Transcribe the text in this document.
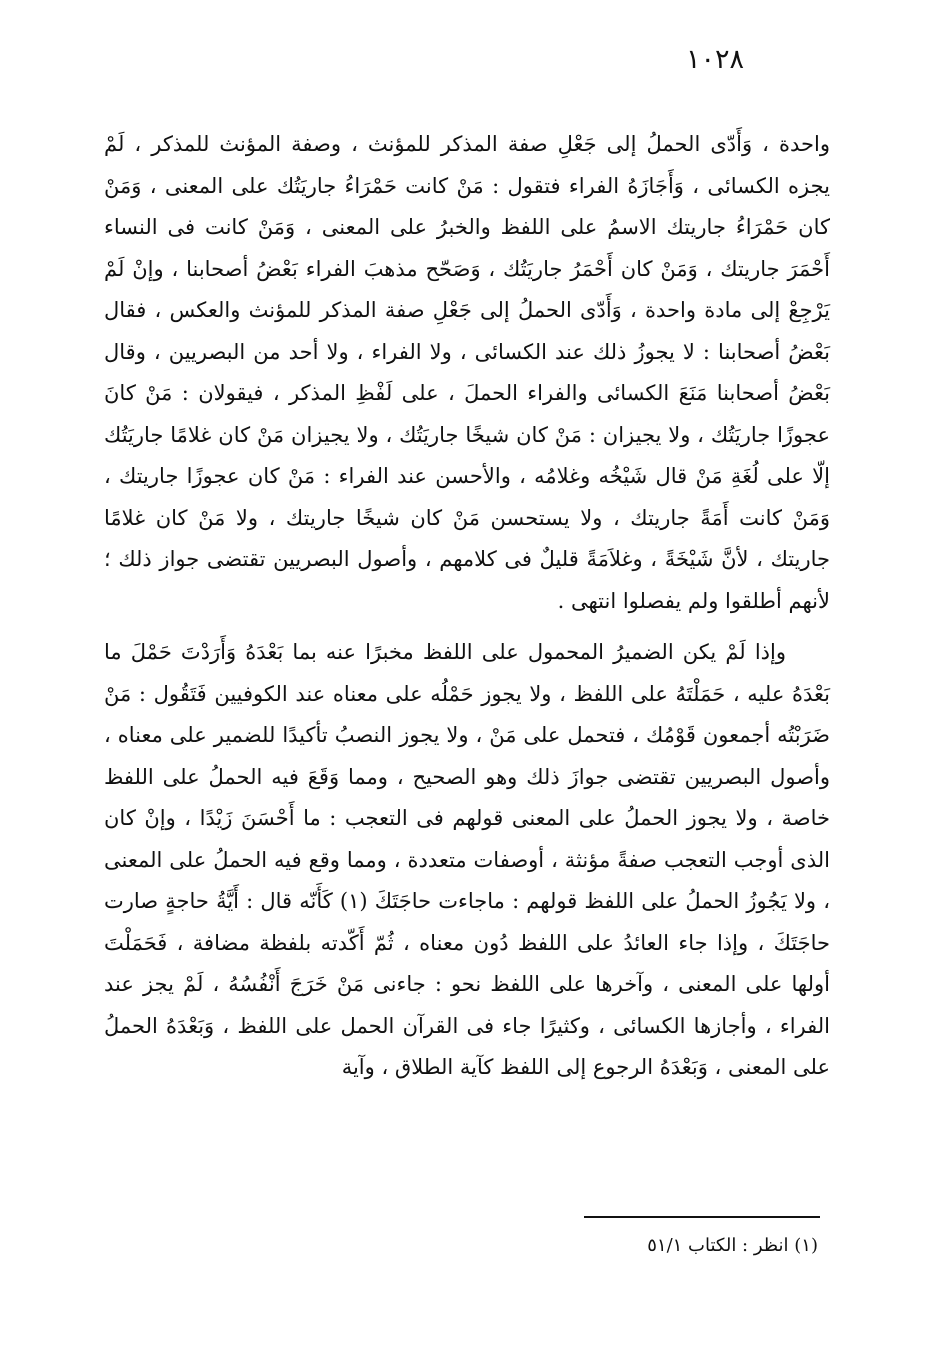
١٠٢٨

واحدة ، وَأَدّى الحملُ إلى جَعْلِ صفة المذكر للمؤنث ، وصفة المؤنث للمذكر ، لَمْ يجزه الكسائى ، وَأَجَازَهُ الفراء فتقول : مَنْ كانت حَمْرَاءُ جاريَتُك على المعنى ، وَمَنْ كان حَمْرَاءُ جاريتك الاسمُ على اللفظ والخبرُ على المعنى ، وَمَنْ كانت فى النساء أَحْمَرَ جاريتك ، وَمَنْ كان أَحْمَرُ جاريَتُك ، وَصَحّح مذهبَ الفراء بَعْضُ أصحابنا ، وإنْ لَمْ يَرْجِعْ إلى مادة واحدة ، وَأَدّى الحملُ إلى جَعْلِ صفة المذكر للمؤنث والعكس ، فقال بَعْضُ أصحابنا : لا يجوزُ ذلك عند الكسائى ، ولا الفراء ، ولا أحد من البصريين ، وقال بَعْضُ أصحابنا مَنَعَ الكسائى والفراء الحملَ ، على لَفْظِ المذكر ، فيقولان : مَنْ كانَ عجوزًا جاريَتُك ، ولا يجيزان : مَنْ كان شيخًا جاريَتُك ، ولا يجيزان مَنْ كان غلامًا جاريَتُك إلّا على لُغَةِ مَنْ قال شَيْخُه وغلامُه ، والأحسن عند الفراء : مَنْ كان عجوزًا جاريتك ، وَمَنْ كانت أَمَةً جاريتك ، ولا يستحسن مَنْ كان شيخًا جاريتك ، ولا مَنْ كان غلامًا جاريتك ، لأنَّ شَيْخَةً ، وغلاَمَةً قليلٌ فى كلامهم ، وأصول البصريين تقتضى جواز ذلك ؛ لأنهم أطلقوا ولم يفصلوا انتهى .

وإذا لَمْ يكن الضميرُ المحمول على اللفظ مخبرًا عنه بما بَعْدَهُ وَأَرَدْتَ حَمْلَ ما بَعْدَهُ عليه ، حَمَلْتَهُ على اللفظ ، ولا يجوز حَمْلُه على معناه عند الكوفيين فَتَقُول : مَنْ ضَرَبْتُه أجمعون قَوْمُك ، فتحمل على مَنْ ، ولا يجوز النصبُ تأكيدًا للضمير على معناه ، وأصول البصريين تقتضى جوازَ ذلك وهو الصحيح ، ومما وَقَعَ فيه الحملُ على اللفظ خاصة ، ولا يجوز الحملُ على المعنى قولهم فى التعجب : ما أَحْسَنَ زَيْدًا ، وإنْ كان الذى أوجب التعجب صفةً مؤنثة ، أوصفات متعددة ، ومما وقع فيه الحملُ على المعنى ، ولا يَجُوزُ الحملُ على اللفظ قولهم : ماجاءت حاجَتَكَ (١) كَأَنّه قال : أَيَّةُ حاجةٍ صارت حاجَتَكَ ، وإذا جاء العائدُ على اللفظ دُون معناه ، ثُمّ أَكّدته بلفظة مضافة ، فَحَمَلْتَ أولها على المعنى ، وآخرها على اللفظ نحو : جاءنى مَنْ خَرَجَ أَنْفُسُهُ ، لَمْ يجز عند الفراء ، وأجازها الكسائى ، وكثيرًا جاء فى القرآن الحمل على اللفظ ، وَبَعْدَهُ الحملُ على المعنى ، وَبَعْدَهُ الرجوع إلى اللفظ كآية الطلاق ، وآية

(١) انظر : الكتاب ٥١/١
